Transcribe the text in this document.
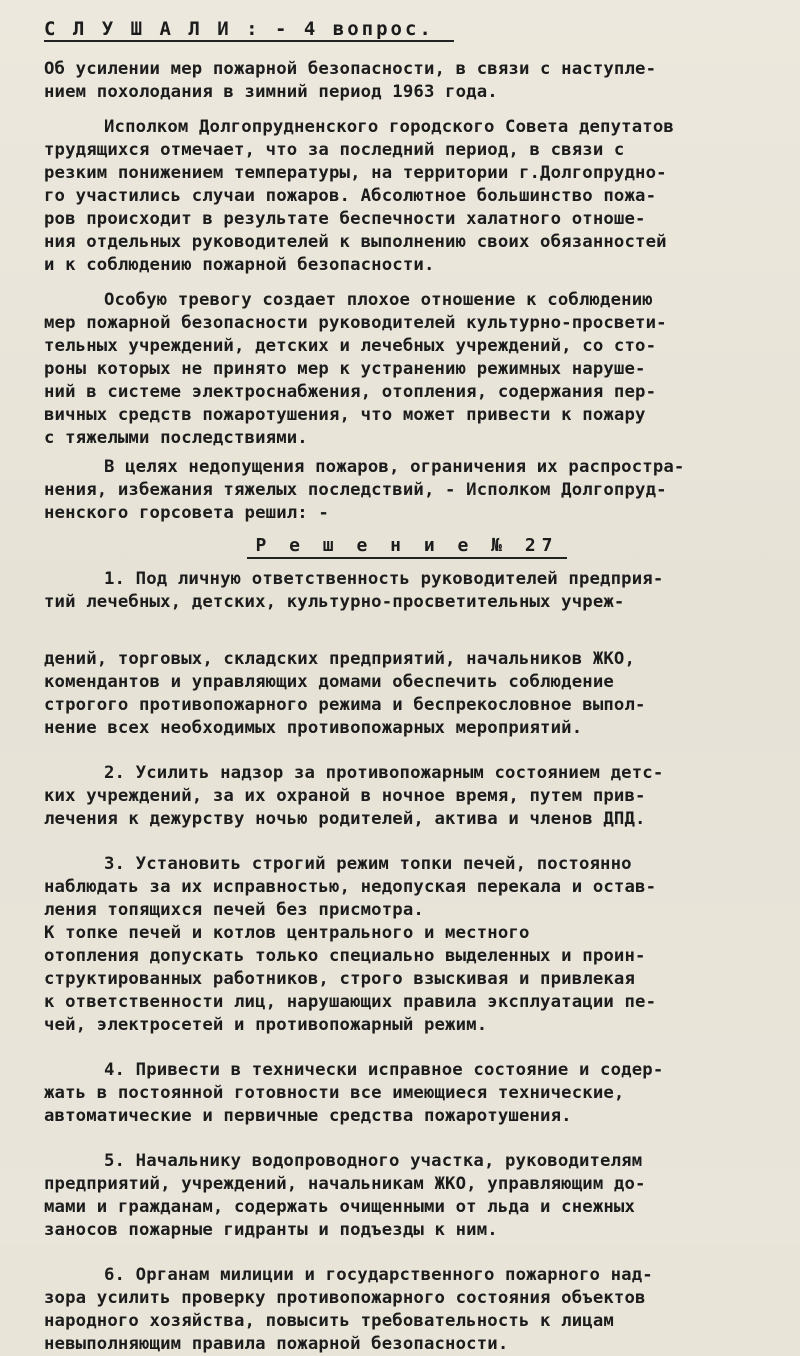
С Л У Ш А Л И : - 4 вопрос.

Об усилении мер пожарной безопасности, в связи с наступле-
нием похолодания в зимний период 1963 года.

Исполком Долгопрудненского городского Совета депутатов
трудящихся отмечает, что за последний период, в связи с
резким понижением температуры, на территории г.Долгопрудно-
го участились случаи пожаров. Абсолютное большинство пожа-
ров происходит в результате беспечности халатного отноше-
ния отдельных руководителей к выполнению своих обязанностей
и к соблюдению пожарной безопасности.

Особую тревогу создает плохое отношение к соблюдению
мер пожарной безопасности руководителей культурно-просвети-
тельных учреждений, детских и лечебных учреждений, со сто-
роны которых не принято мер к устранению режимных наруше-
ний в системе электроснабжения, отопления, содержания пер-
вичных средств пожаротушения, что может привести к пожару
с тяжелыми последствиями.

В целях недопущения пожаров, ограничения их распростра-
нения, избежания тяжелых последствий, - Исполком Долгопруд-
ненского горсовета решил: -

Р е ш е н и е № 27

1. Под личную ответственность руководителей предприя-
тий лечебных, детских, культурно-просветительных учреж-

дений, торговых, складских предприятий, начальников ЖКО,
комендантов и управляющих домами обеспечить соблюдение
строгого противопожарного режима и беспрекословное выпол-
нение всех необходимых противопожарных мероприятий.

2. Усилить надзор за противопожарным состоянием детс-
ких учреждений, за их охраной в ночное время, путем прив-
лечения к дежурству ночью родителей, актива и членов ДПД.

3. Установить строгий режим топки печей, постоянно
наблюдать за их исправностью, недопуская перекала и остав-
ления топящихся печей без присмотра.
К топке печей и котлов центрального и местного
отопления допускать только специально выделенных и проин-
структированных работников, строго взыскивая и привлекая
к ответственности лиц, нарушающих правила эксплуатации пе-
чей, электросетей и противопожарный режим.

4. Привести в технически исправное состояние и содер-
жать в постоянной готовности все имеющиеся технические,
автоматические и первичные средства пожаротушения.

5. Начальнику водопроводного участка, руководителям
предприятий, учреждений, начальникам ЖКО, управляющим до-
мами и гражданам, содержать очищенными от льда и снежных
заносов пожарные гидранты и подъезды к ним.

6. Органам милиции и государственного пожарного над-
зора усилить проверку противопожарного состояния объектов
народного хозяйства, повысить требовательность к лицам
невыполняющим правила пожарной безопасности.
